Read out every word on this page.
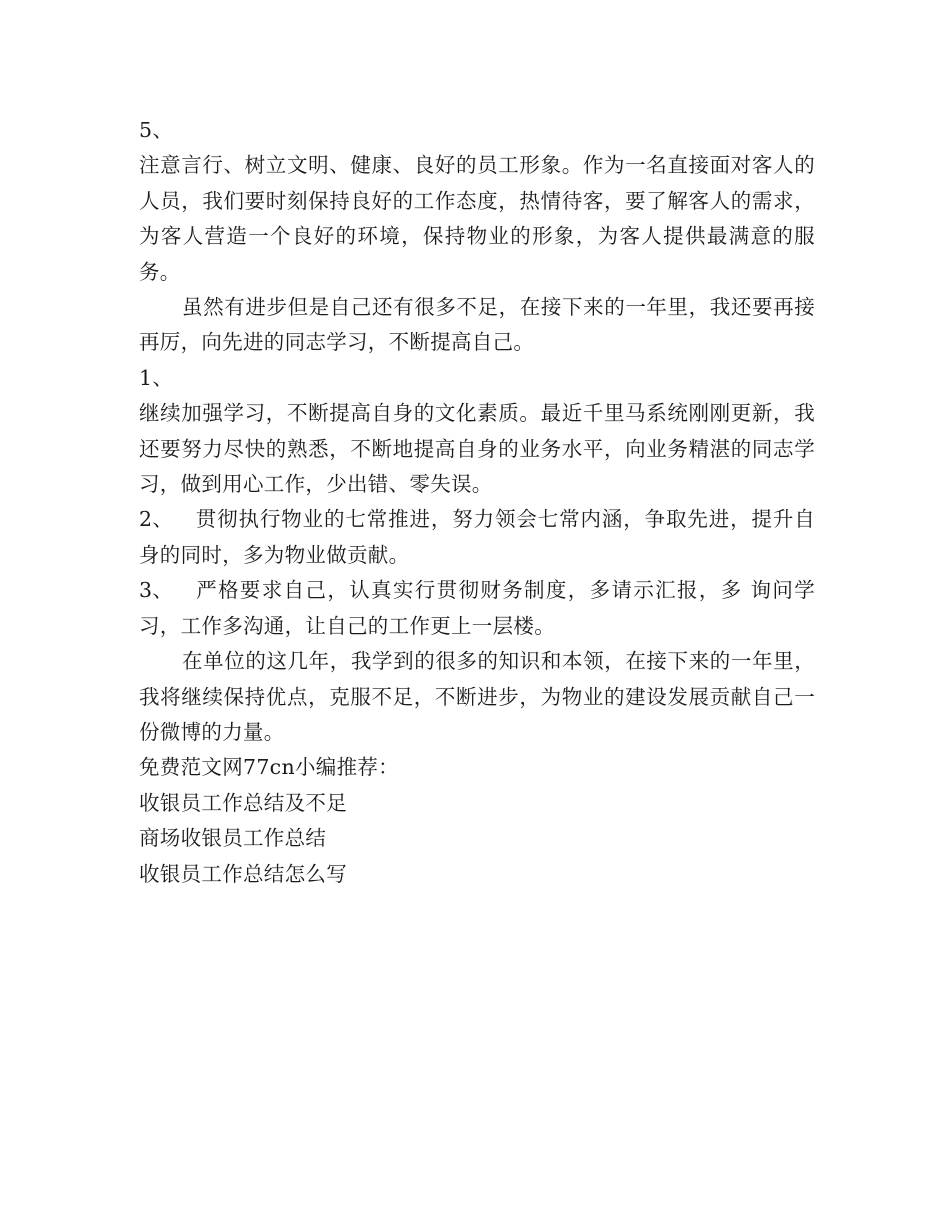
5、

注意言行、树立文明、健康、良好的员工形象。作为一名直接面对客人的人员，我们要时刻保持良好的工作态度，热情待客，要了解客人的需求，为客人营造一个良好的环境，保持物业的形象，为客人提供最满意的服务。

虽然有进步但是自己还有很多不足，在接下来的一年里，我还要再接再厉，向先进的同志学习，不断提高自己。

1、

继续加强学习，不断提高自身的文化素质。最近千里马系统刚刚更新，我还要努力尽快的熟悉，不断地提高自身的业务水平，向业务精湛的同志学习，做到用心工作，少出错、零失误。

2、 贯彻执行物业的七常推进，努力领会七常内涵，争取先进，提升自身的同时，多为物业做贡献。

3、 严格要求自己，认真实行贯彻财务制度，多请示汇报，多 询问学习，工作多沟通，让自己的工作更上一层楼。

在单位的这几年，我学到的很多的知识和本领，在接下来的一年里，我将继续保持优点，克服不足，不断进步，为物业的建设发展贡献自己一份微博的力量。

免费范文网77cn小编推荐：

收银员工作总结及不足

商场收银员工作总结

收银员工作总结怎么写
